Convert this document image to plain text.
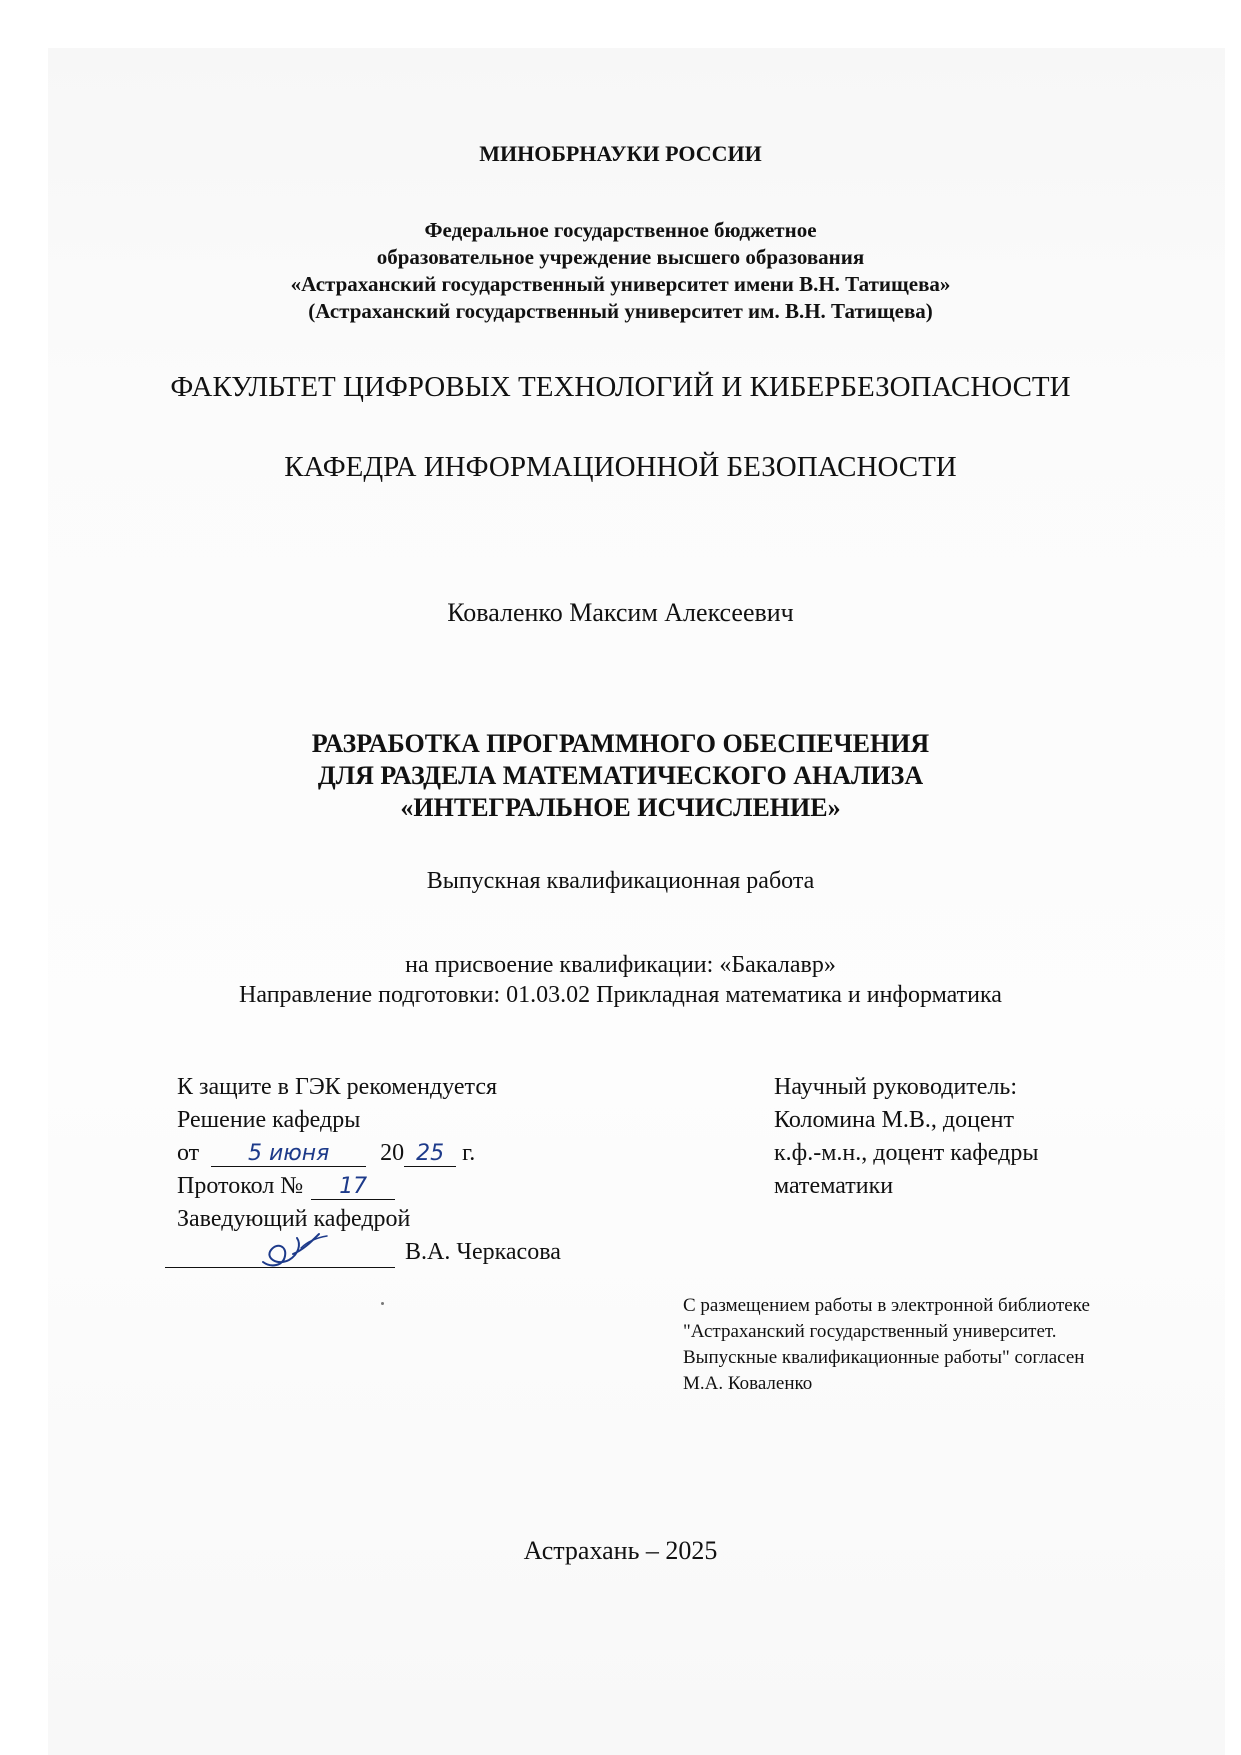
МИНОБРНАУКИ РОССИИ
Федеральное государственное бюджетное
образовательное учреждение высшего образования
«Астраханский государственный университет имени В.Н. Татищева»
(Астраханский государственный университет им. В.Н. Татищева)
ФАКУЛЬТЕТ ЦИФРОВЫХ ТЕХНОЛОГИЙ И КИБЕРБЕЗОПАСНОСТИ
КАФЕДРА ИНФОРМАЦИОННОЙ БЕЗОПАСНОСТИ
Коваленко Максим Алексеевич
РАЗРАБОТКА ПРОГРАММНОГО ОБЕСПЕЧЕНИЯ
ДЛЯ РАЗДЕЛА МАТЕМАТИЧЕСКОГО АНАЛИЗА
«ИНТЕГРАЛЬНОЕ ИСЧИСЛЕНИЕ»
Выпускная квалификационная работа
на присвоение квалификации: «Бакалавр»
Направление подготовки: 01.03.02 Прикладная математика и информатика
К защите в ГЭК рекомендуется
Решение кафедры
от 5 июня 20 25 г.
Протокол № 17
Заведующий кафедрой
В.А. Черкасова
Научный руководитель:
Коломина М.В., доцент
к.ф.-м.н., доцент кафедры
математики
С размещением работы в электронной библиотеке
"Астраханский государственный университет.
Выпускные квалификационные работы" согласен
М.А. Коваленко
Астрахань – 2025
